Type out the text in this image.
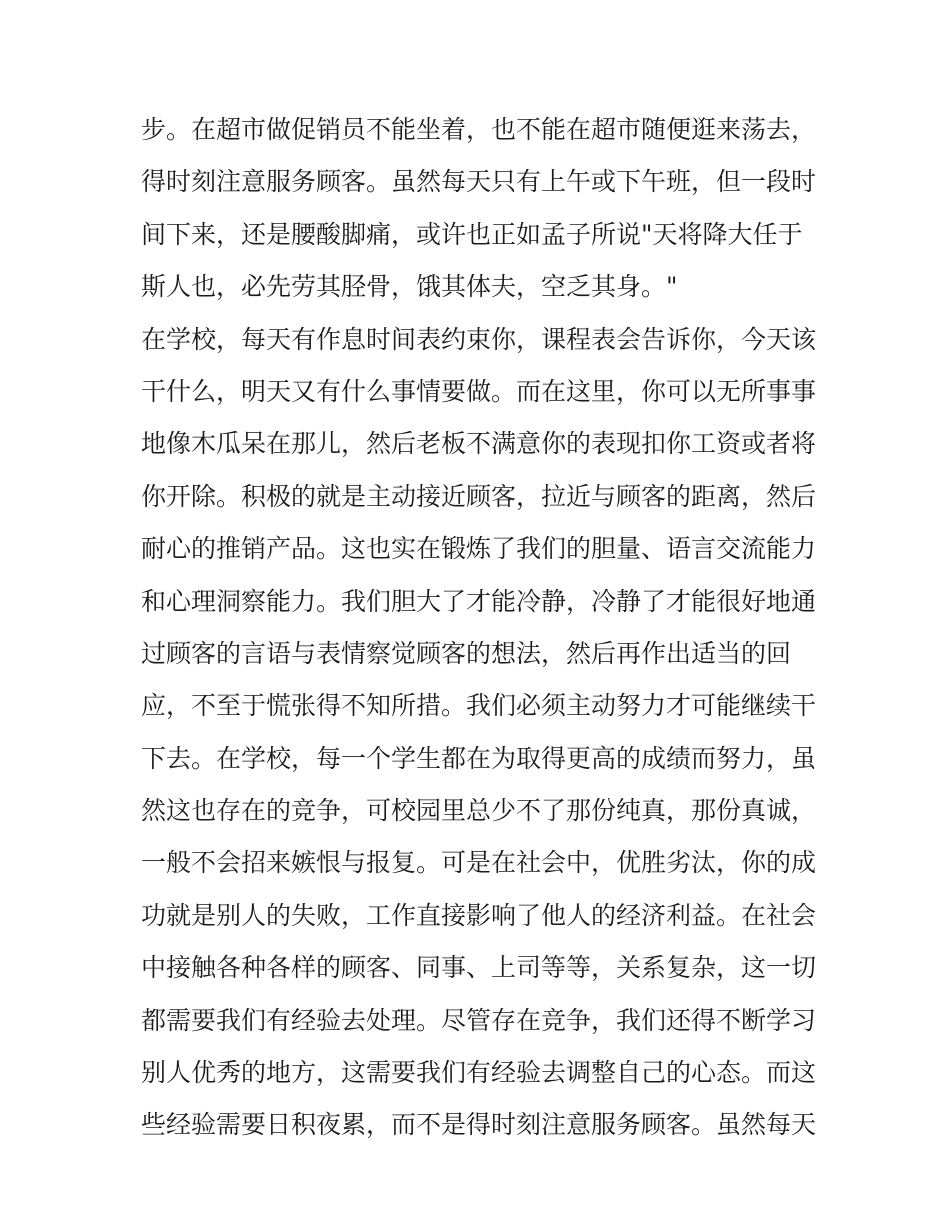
步。在超市做促销员不能坐着，也不能在超市随便逛来荡去，
得时刻注意服务顾客。虽然每天只有上午或下午班，但一段时
间下来，还是腰酸脚痛，或许也正如孟子所说"天将降大任于
斯人也，必先劳其胫骨，饿其体夫，空乏其身。"
在学校，每天有作息时间表约束你，课程表会告诉你，今天该
干什么，明天又有什么事情要做。而在这里，你可以无所事事
地像木瓜呆在那儿，然后老板不满意你的表现扣你工资或者将
你开除。积极的就是主动接近顾客，拉近与顾客的距离，然后
耐心的推销产品。这也实在锻炼了我们的胆量、语言交流能力
和心理洞察能力。我们胆大了才能冷静，冷静了才能很好地通
过顾客的言语与表情察觉顾客的想法，然后再作出适当的回
应，不至于慌张得不知所措。我们必须主动努力才可能继续干
下去。在学校，每一个学生都在为取得更高的成绩而努力，虽
然这也存在的竞争，可校园里总少不了那份纯真，那份真诚，
一般不会招来嫉恨与报复。可是在社会中，优胜劣汰，你的成
功就是别人的失败，工作直接影响了他人的经济利益。在社会
中接触各种各样的顾客、同事、上司等等，关系复杂，这一切
都需要我们有经验去处理。尽管存在竞争，我们还得不断学习
别人优秀的地方，这需要我们有经验去调整自己的心态。而这
些经验需要日积夜累，而不是得时刻注意服务顾客。虽然每天
